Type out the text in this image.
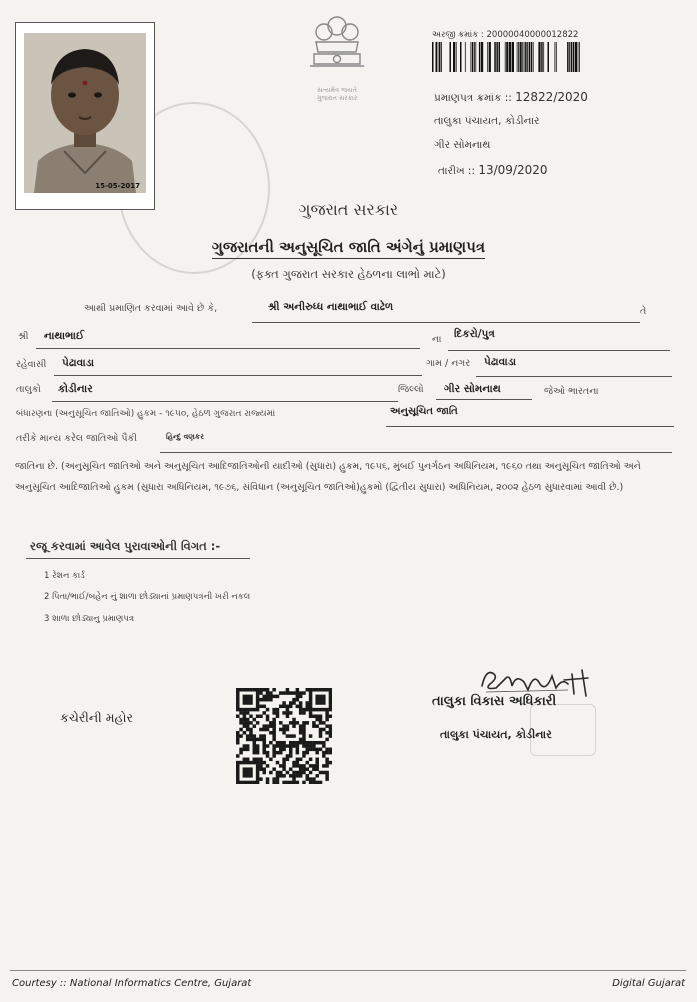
15-05-2017
સત્યમેવ જયતે
ગુજરાત સરકાર
અરજી ક્રમાંક : 20000040000012822
પ્રમાણપત્ર ક્રમાંક :: 12822/2020
તાલુકા પંચાયત, કોડીનાર
ગીર સોમનાથ
તારીખ :: 13/09/2020
ગુજરાત સરકાર
ગુજરાતની અનુસૂચિત જાતિ અંગેનું પ્રમાણપત્ર
(ફક્ત ગુજરાત સરકાર હેઠળના લાભો માટે)
આથી પ્રમાણિત કરવામાં આવે છે કે,	શ્રી અનીરુધ્ધ નાથાભાઈ વાઢેળ	તે
શ્રી નાથાભાઈ	ના દિકરો/પુત્ર
રહેવાસી પેઢાવાડા	ગામ / નગર પેઢાવાડા
તાલુકો કોડીનાર	જિલ્લો ગીર સોમનાથ	જેઓ ભારતના
બંધારણના (અનુસૂચિત જાતિઓ) હુકમ - ૧૯૫૦, હેઠળ ગુજરાત રાજ્યમાં	અનુસૂચિત જાતિ
તરીકે માન્ય કરેલ જાતિઓ પૈકી	હિન્દુ વણકર
જાતિના છે. (અનુસૂચિત જાતિઓ અને અનુસૂચિત આદિજાતિઓની યાદીઓ (સુધારા) હુકમ, ૧૯૫૬, મુંબઈ પુનર્ગઠન અધિનિયમ, ૧૯૬૦ તથા અનુસૂચિત જાતિઓ અને અનુસૂચિત આદિજાતિઓ હુકમ (સુધારા અધિનિયમ, ૧૯૭૬, સંવિધાન (અનુસૂચિત જાતિઓ)હુકમો (દ્વિતીય સુધારા) અધિનિયમ, ૨૦૦૨ હેઠળ સુધારવામાં આવી છે.)
રજૂ કરવામાં આવેલ પુરાવાઓની વિગત :-
1 રેશન કાર્ડ
2 પિતા/ભાઈ/બહેન નું શાળા છોડ્યાનાં પ્રમાણપત્રની ખરી નકલ
3 શાળા છોડ્યાનુ પ્રમાણપત્ર
કચેરીની મહોર
તાલુકા વિકાસ અધિકારી
તાલુકા પંચાયત, કોડીનાર
Courtesy :: National Informatics Centre, Gujarat	Digital Gujarat
